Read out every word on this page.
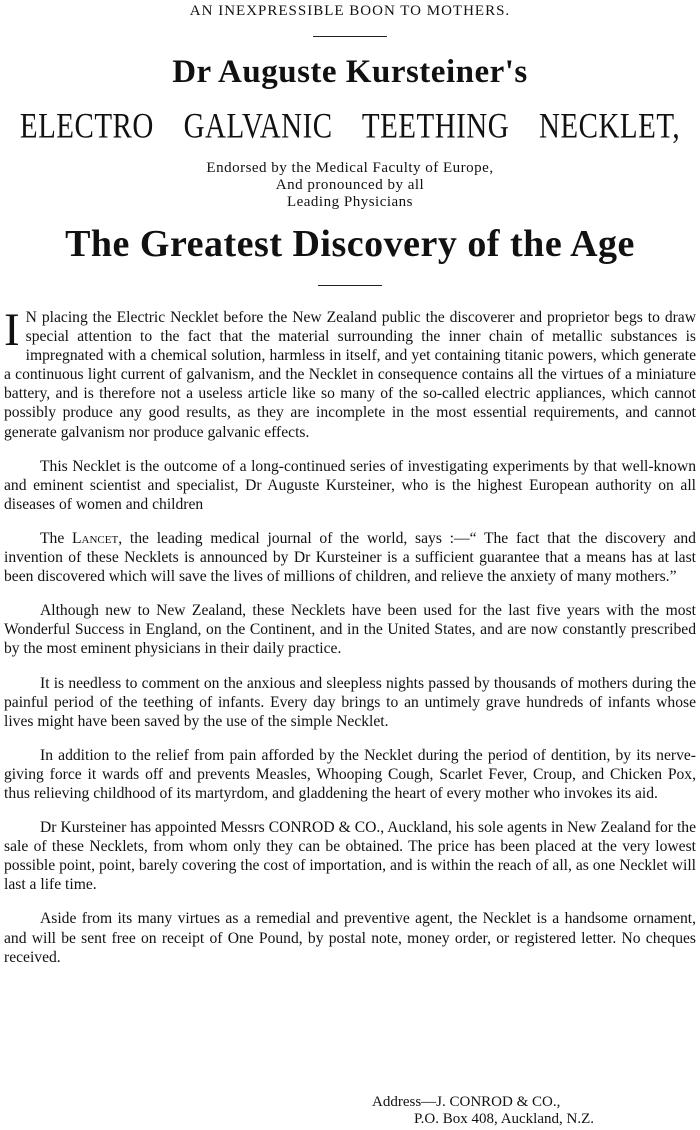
AN INEXPRESSIBLE BOON TO MOTHERS.
Dr Auguste Kursteiner's
ELECTRO GALVANIC TEETHING NECKLET,
Endorsed by the Medical Faculty of Europe,
And pronounced by all
Leading Physicians
The Greatest Discovery of the Age

I N placing the Electric Necklet before the New Zealand public the discoverer and proprietor begs to draw special attention to the fact that the material surrounding the inner chain of metallic substances is impregnated with a chemical solution, harmless in itself, and yet containing titanic powers, which generate a continuous light current of galvanism, and the Necklet in consequence contains all the virtues of a miniature battery, and is therefore not a useless article like so many of the so-called electric appliances, which cannot possibly produce any good results, as they are incomplete in the most essential requirements, and cannot generate galvanism nor produce galvanic effects.

This Necklet is the outcome of a long-continued series of investigating experiments by that well-known and eminent scientist and specialist, Dr Auguste Kursteiner, who is the highest European authority on all diseases of women and children

The Lancet, the leading medical journal of the world, says :—“ The fact that the discovery and invention of these Necklets is announced by Dr Kursteiner is a sufficient guarantee that a means has at last been discovered which will save the lives of millions of children, and relieve the anxiety of many mothers.”

Although new to New Zealand, these Necklets have been used for the last five years with the most Wonderful Success in England, on the Continent, and in the United States, and are now constantly prescribed by the most eminent physicians in their daily practice.

It is needless to comment on the anxious and sleepless nights passed by thousands of mothers during the painful period of the teething of infants. Every day brings to an untimely grave hundreds of infants whose lives might have been saved by the use of the simple Necklet.

In addition to the relief from pain afforded by the Necklet during the period of dentition, by its nerve-giving force it wards off and prevents Measles, Whooping Cough, Scarlet Fever, Croup, and Chicken Pox, thus relieving childhood of its martyrdom, and gladdening the heart of every mother who invokes its aid.

Dr Kursteiner has appointed Messrs CONROD & CO., Auckland, his sole agents in New Zealand for the sale of these Necklets, from whom only they can be obtained. The price has been placed at the very lowest possible point, point, barely covering the cost of importation, and is within the reach of all, as one Necklet will last a life time.

Aside from its many virtues as a remedial and preventive agent, the Necklet is a handsome ornament, and will be sent free on receipt of One Pound, by postal note, money order, or registered letter. No cheques received.

Address—J. CONROD & CO.,
P.O. Box 408, Auckland, N.Z.
